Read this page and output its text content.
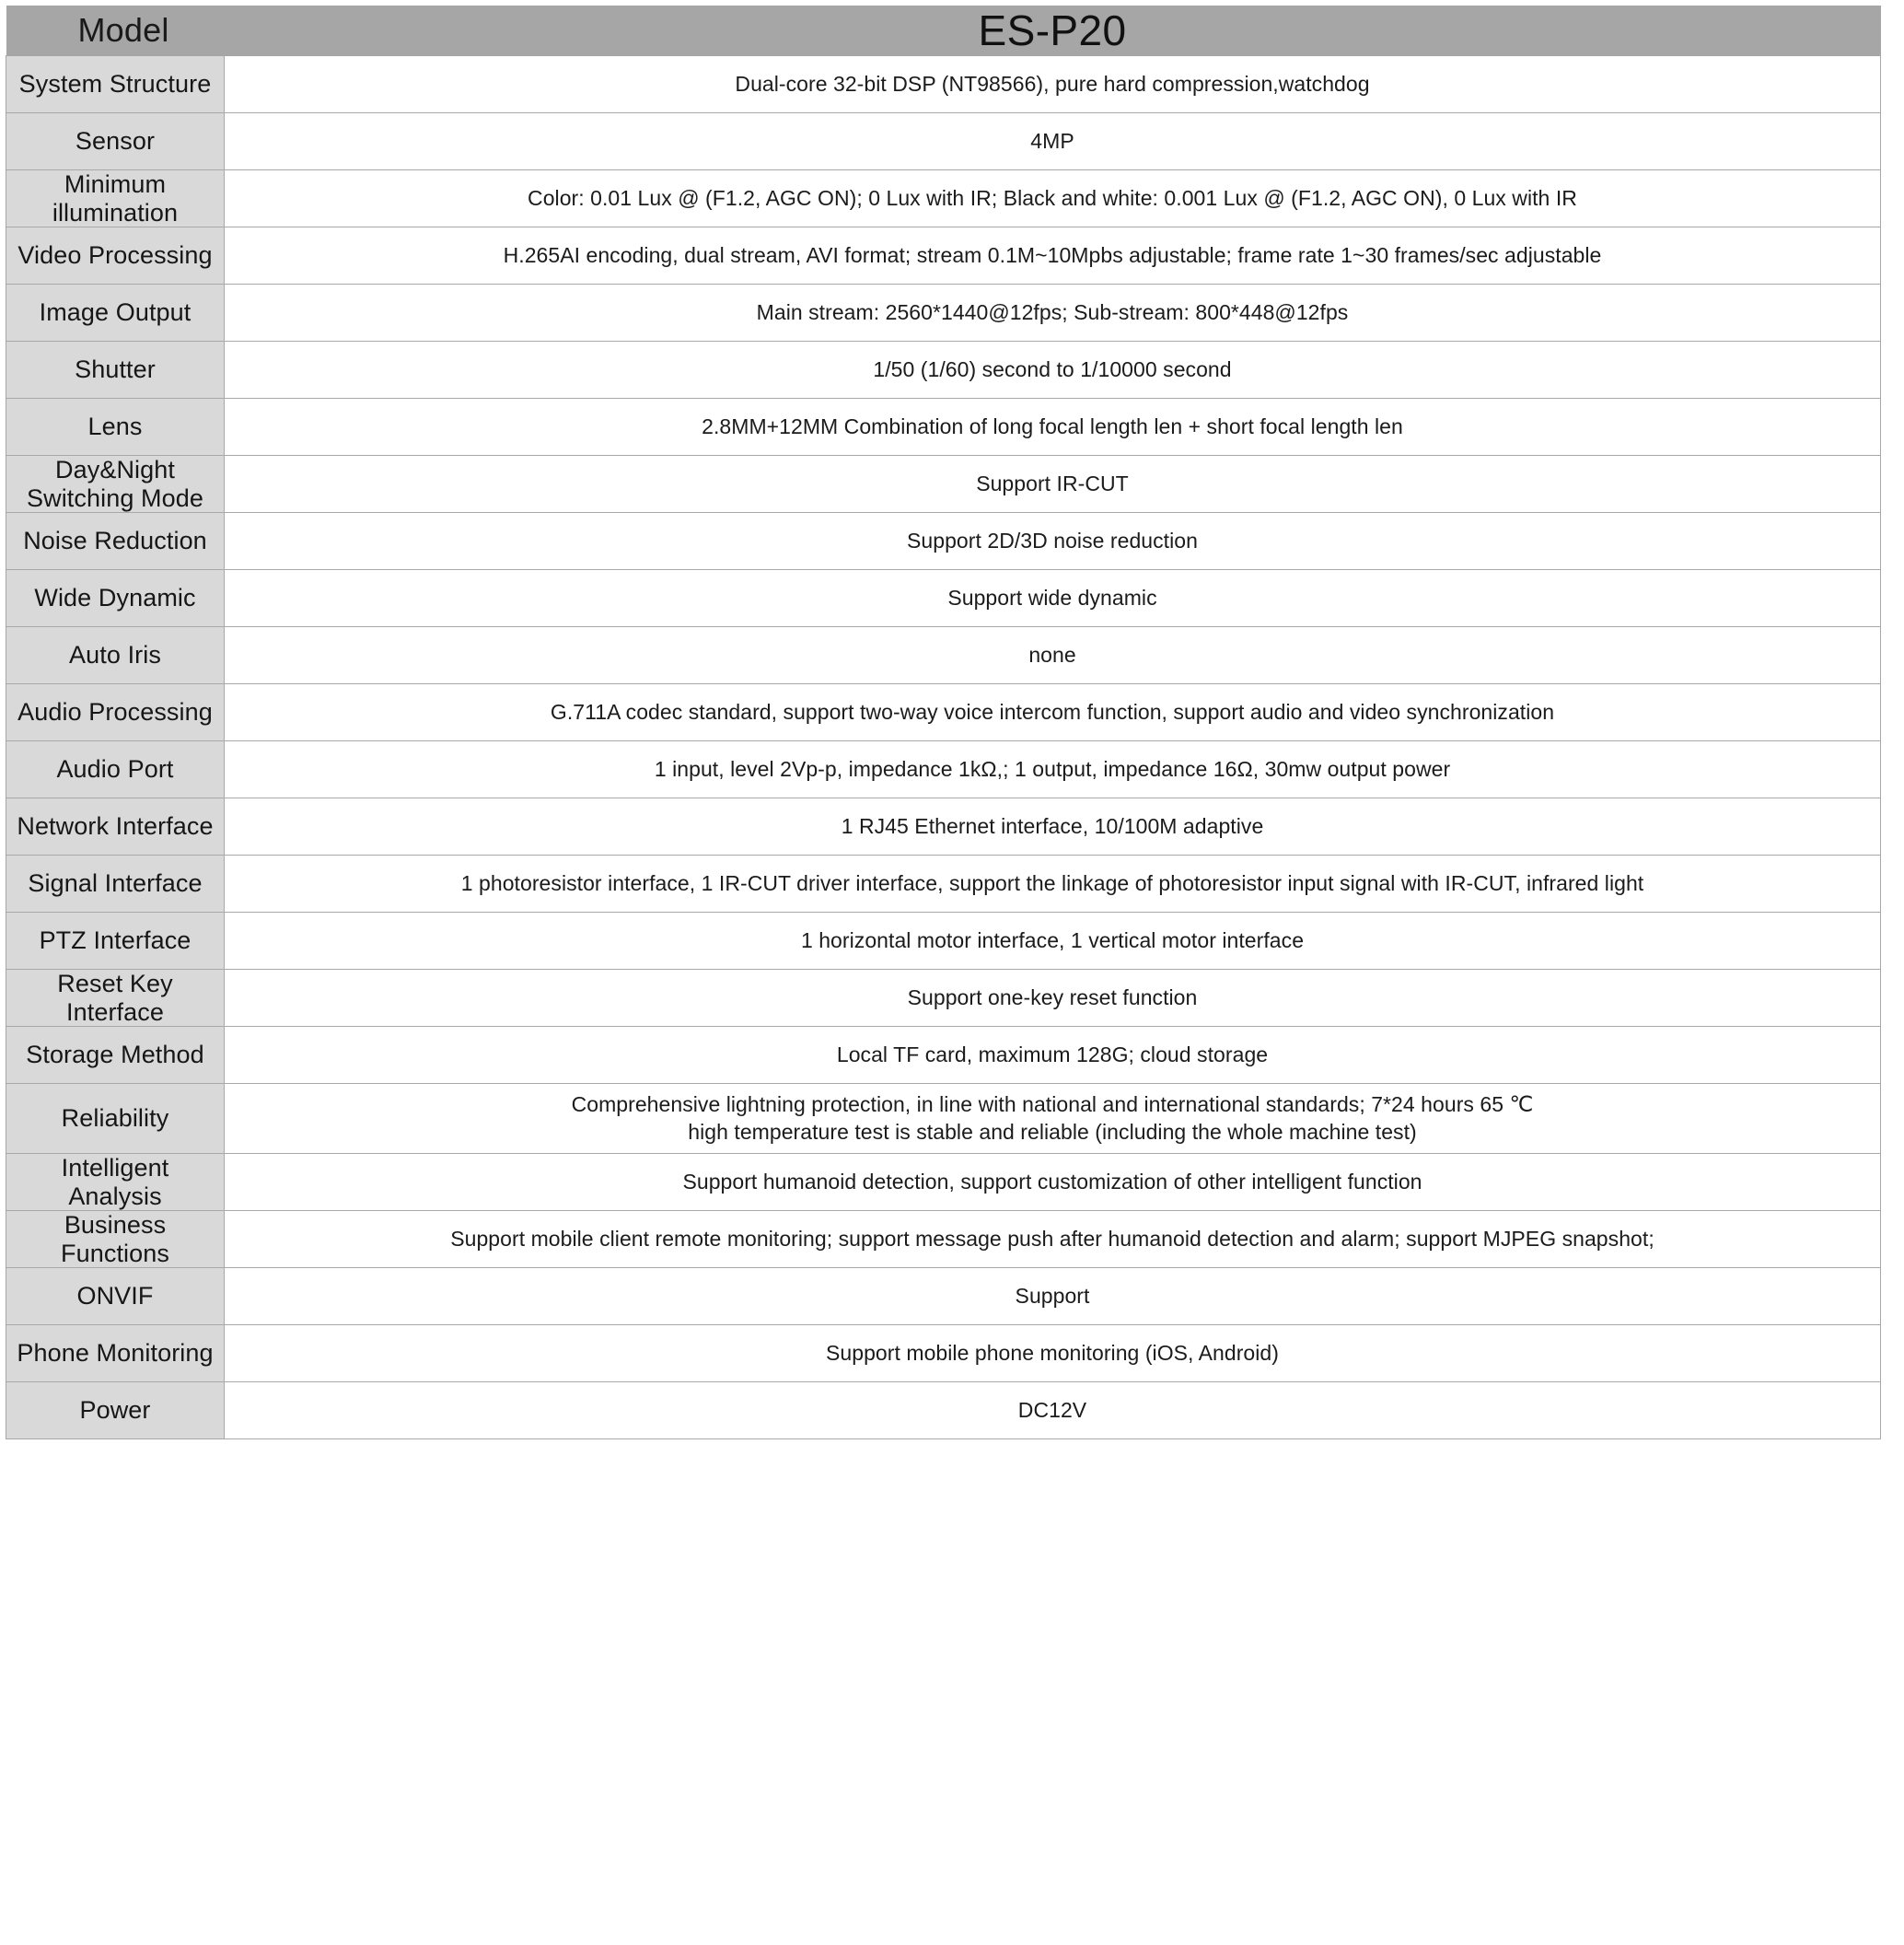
Model	ES-P20

System Structure	Dual-core 32-bit DSP (NT98566), pure hard compression,watchdog

Sensor	4MP

Minimum illumination	Color: 0.01 Lux @ (F1.2, AGC ON); 0 Lux with IR; Black and white: 0.001 Lux @ (F1.2, AGC ON), 0 Lux with IR

Video Processing	H.265AI encoding, dual stream, AVI format; stream 0.1M~10Mpbs adjustable; frame rate 1~30 frames/sec adjustable

Image Output	Main stream: 2560*1440@12fps; Sub-stream: 800*448@12fps

Shutter	1/50 (1/60) second to 1/10000 second

Lens	2.8MM+12MM Combination of long focal length len + short focal length len

Day&Night Switching Mode	Support IR-CUT

Noise Reduction	Support 2D/3D noise reduction

Wide Dynamic	Support wide dynamic

Auto Iris	none

Audio Processing	G.711A codec standard, support two-way voice intercom function, support audio and video synchronization

Audio Port	1 input, level 2Vp-p, impedance 1kΩ,; 1 output, impedance 16Ω, 30mw output power

Network Interface	1 RJ45 Ethernet interface, 10/100M adaptive

Signal Interface	1 photoresistor interface, 1 IR-CUT driver interface, support the linkage of photoresistor input signal with IR-CUT, infrared light

PTZ Interface	1 horizontal motor interface, 1 vertical motor interface

Reset Key Interface	Support one-key reset function

Storage Method	Local TF card, maximum 128G; cloud storage

Reliability	Comprehensive lightning protection, in line with national and international standards; 7*24 hours 65 ℃
high temperature test is stable and reliable (including the whole machine test)

Intelligent Analysis	Support humanoid detection, support customization of other intelligent function

Business Functions	Support mobile client remote monitoring; support message push after humanoid detection and alarm; support MJPEG snapshot;

ONVIF	Support

Phone Monitoring	Support mobile phone monitoring (iOS, Android)

Power	DC12V
